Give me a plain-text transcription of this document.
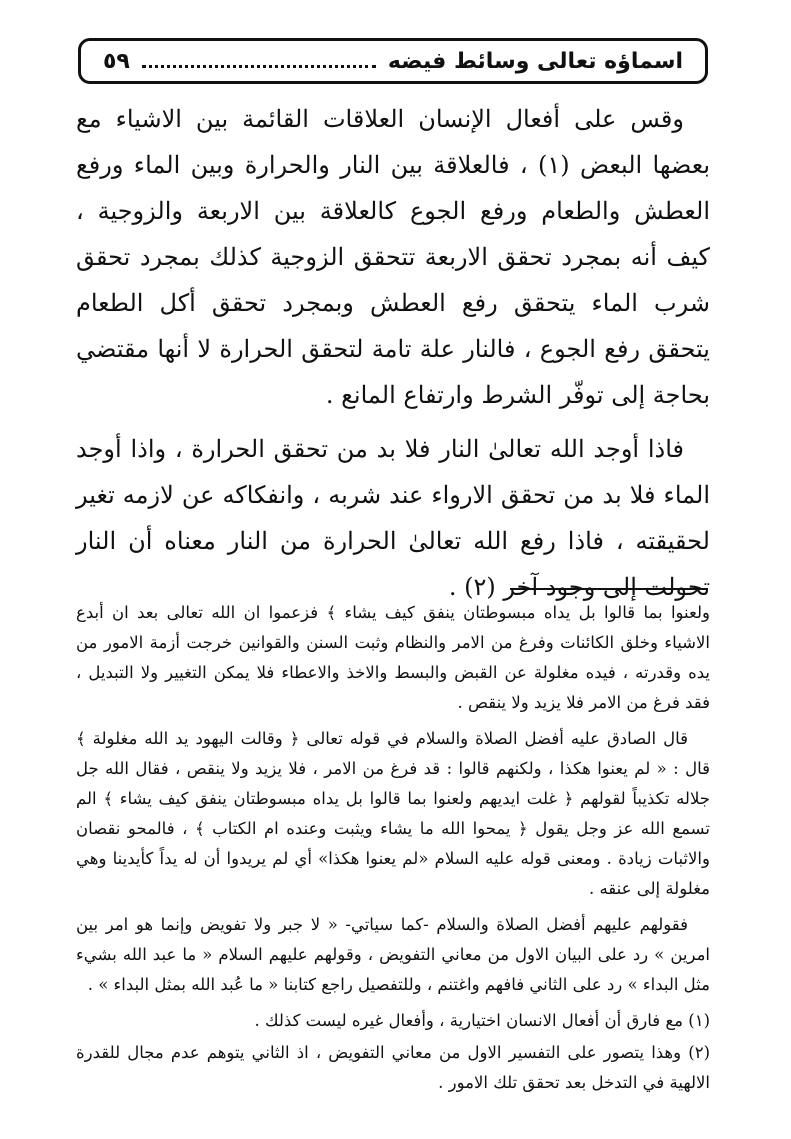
اسماؤه تعالى وسائط فيضه
٥٩

وقس على أفعال الإنسان العلاقات القائمة بين الاشياء مع بعضها البعض (١) ، فالعلاقة بين النار والحرارة وبين الماء ورفع العطش والطعام ورفع الجوع كالعلاقة بين الاربعة والزوجية ، كيف أنه بمجرد تحقق الاربعة تتحقق الزوجية كذلك بمجرد تحقق شرب الماء يتحقق رفع العطش وبمجرد تحقق أكل الطعام يتحقق رفع الجوع ، فالنار علة تامة لتحقق الحرارة لا أنها مقتضي بحاجة إلى توفّر الشرط وارتفاع المانع .

فاذا أوجد الله تعالىٰ النار فلا بد من تحقق الحرارة ، واذا أوجد الماء فلا بد من تحقق الارواء عند شربه ، وانفكاكه عن لازمه تغير لحقيقته ، فاذا رفع الله تعالىٰ الحرارة من النار معناه أن النار تحولت إلى وجود آخر (٢) .

ولعنوا بما قالوا بل يداه مبسوطتان ينفق كيف يشاء ﴾ فزعموا ان الله تعالى بعد ان أبدع الاشياء وخلق الكائنات وفرغ من الامر والنظام وثبت السنن والقوانين خرجت أزمة الامور من يده وقدرته ، فيده مغلولة عن القبض والبسط والاخذ والاعطاء فلا يمكن التغيير ولا التبديل ، فقد فرغ من الامر فلا يزيد ولا ينقص .

قال الصادق عليه أفضل الصلاة والسلام في قوله تعالى ﴿ وقالت اليهود يد الله مغلولة ﴾ قال : « لم يعنوا هكذا ، ولكنهم قالوا : قد فرغ من الامر ، فلا يزيد ولا ينقص ، فقال الله جل جلاله تكذيباً لقولهم ﴿ غلت ايديهم ولعنوا بما قالوا بل يداه مبسوطتان ينفق كيف يشاء ﴾ الم تسمع الله عز وجل يقول ﴿ يمحوا الله ما يشاء ويثبت وعنده ام الكتاب ﴾ ، فالمحو نقصان والاثبات زيادة . ومعنى قوله عليه السلام «لم يعنوا هكذا» أي لم يريدوا أن له يداً كأيدينا وهي مغلولة إلى عنقه .

فقولهم عليهم أفضل الصلاة والسلام -كما سياتي- « لا جبر ولا تفويض وإنما هو امر بين امرين » رد على البيان الاول من معاني التفويض ، وقولهم عليهم السلام « ما عبد الله بشيء مثل البداء » رد على الثاني فافهم واغتنم ، وللتفصيل راجع كتابنا « ما عُبد الله بمثل البداء » .

(١) مع فارق أن أفعال الانسان اختيارية ، وأفعال غيره ليست كذلك .

(٢) وهذا يتصور على التفسير الاول من معاني التفويض ، اذ الثاني يتوهم عدم مجال للقدرة الالهية في التدخل بعد تحقق تلك الامور .
